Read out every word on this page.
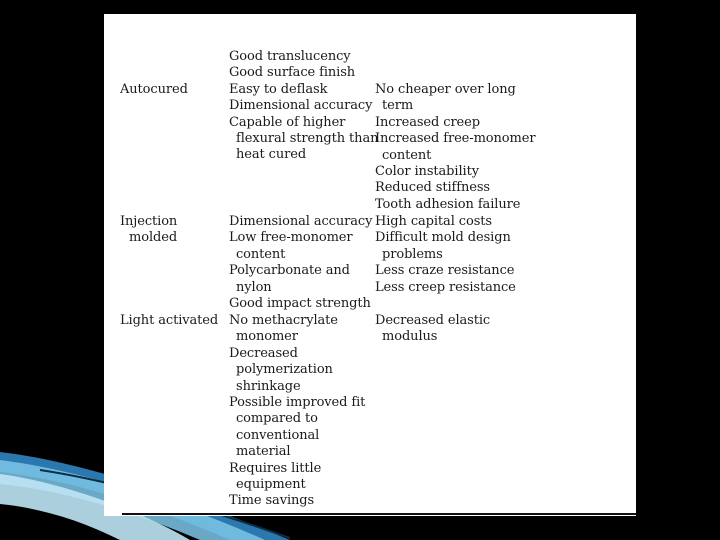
Autocured
Good translucency
Good surface finish
Easy to deflask
Dimensional accuracy
Capable of higher
flexural strength than
heat cured
No cheaper over long
term
Increased creep
Increased free-monomer
content
Color instability
Reduced stiffness
Tooth adhesion failure
Injection
molded
Dimensional accuracy
Low free-monomer
content
Polycarbonate and
nylon
Good impact strength
High capital costs
Difficult mold design
problems
Less craze resistance
Less creep resistance
Light activated No methacrylate
monomer
Decreased
polymerization
shrinkage
Possible improved fit
compared to
conventional
material
Requires little
equipment
Time savings
Decreased elastic
modulus
